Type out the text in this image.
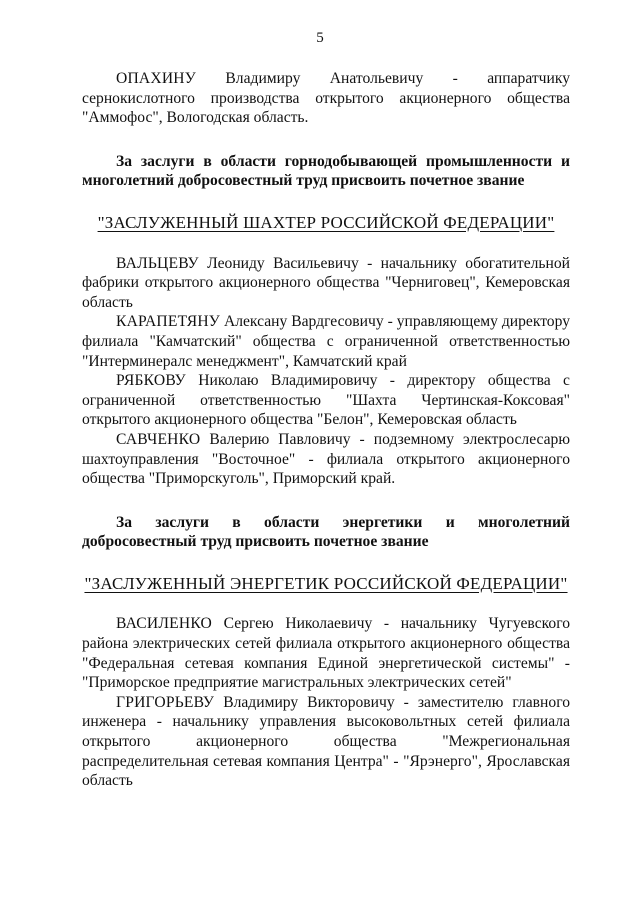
5

ОПАХИНУ Владимиру Анатольевичу - аппаратчику сернокислотного производства открытого акционерного общества "Аммофос", Вологодская область.

За заслуги в области горнодобывающей промышленности и многолетний добросовестный труд присвоить почетное звание

"ЗАСЛУЖЕННЫЙ ШАХТЕР РОССИЙСКОЙ ФЕДЕРАЦИИ"

ВАЛЬЦЕВУ Леониду Васильевичу - начальнику обогатительной фабрики открытого акционерного общества "Черниговец", Кемеровская область

КАРАПЕТЯНУ Алексану Вардгесовичу - управляющему директору филиала "Камчатский" общества с ограниченной ответственностью "Интерминералс менеджмент", Камчатский край

РЯБКОВУ Николаю Владимировичу - директору общества с ограниченной ответственностью "Шахта Чертинская-Коксовая" открытого акционерного общества "Белон", Кемеровская область

САВЧЕНКО Валерию Павловичу - подземному электрослесарю шахтоуправления "Восточное" - филиала открытого акционерного общества "Приморскуголь", Приморский край.

За заслуги в области энергетики и многолетний добросовестный труд присвоить почетное звание

"ЗАСЛУЖЕННЫЙ ЭНЕРГЕТИК РОССИЙСКОЙ ФЕДЕРАЦИИ"

ВАСИЛЕНКО Сергею Николаевичу - начальнику Чугуевского района электрических сетей филиала открытого акционерного общества "Федеральная сетевая компания Единой энергетической системы" - "Приморское предприятие магистральных электрических сетей"

ГРИГОРЬЕВУ Владимиру Викторовичу - заместителю главного инженера - начальнику управления высоковольтных сетей филиала открытого акционерного общества "Межрегиональная распределительная сетевая компания Центра" - "Ярэнерго", Ярославская область
